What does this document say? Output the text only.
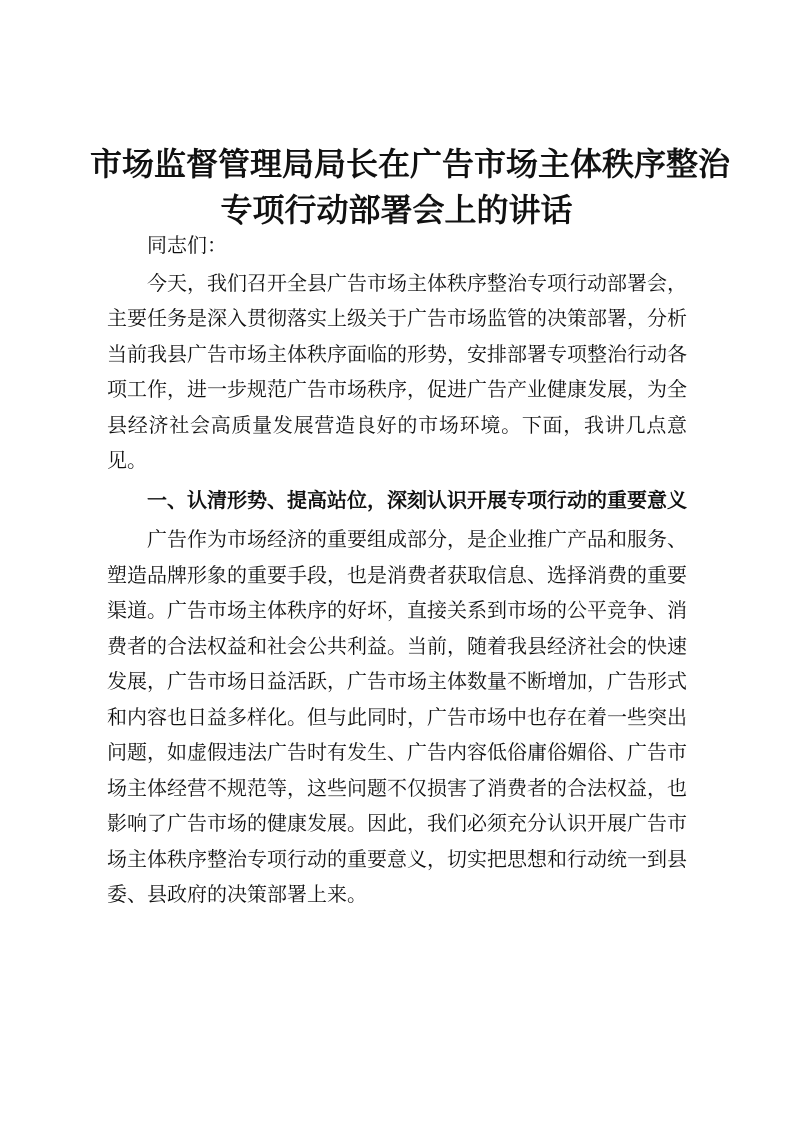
市场监督管理局局长在广告市场主体秩序整治
专项行动部署会上的讲话

同志们：

今天，我们召开全县广告市场主体秩序整治专项行动部署会，主要任务是深入贯彻落实上级关于广告市场监管的决策部署，分析当前我县广告市场主体秩序面临的形势，安排部署专项整治行动各项工作，进一步规范广告市场秩序，促进广告产业健康发展，为全县经济社会高质量发展营造良好的市场环境。下面，我讲几点意见。

一、认清形势、提高站位，深刻认识开展专项行动的重要意义

广告作为市场经济的重要组成部分，是企业推广产品和服务、塑造品牌形象的重要手段，也是消费者获取信息、选择消费的重要渠道。广告市场主体秩序的好坏，直接关系到市场的公平竞争、消费者的合法权益和社会公共利益。当前，随着我县经济社会的快速发展，广告市场日益活跃，广告市场主体数量不断增加，广告形式和内容也日益多样化。但与此同时，广告市场中也存在着一些突出问题，如虚假违法广告时有发生、广告内容低俗庸俗媚俗、广告市场主体经营不规范等，这些问题不仅损害了消费者的合法权益，也影响了广告市场的健康发展。因此，我们必须充分认识开展广告市场主体秩序整治专项行动的重要意义，切实把思想和行动统一到县委、县政府的决策部署上来。
